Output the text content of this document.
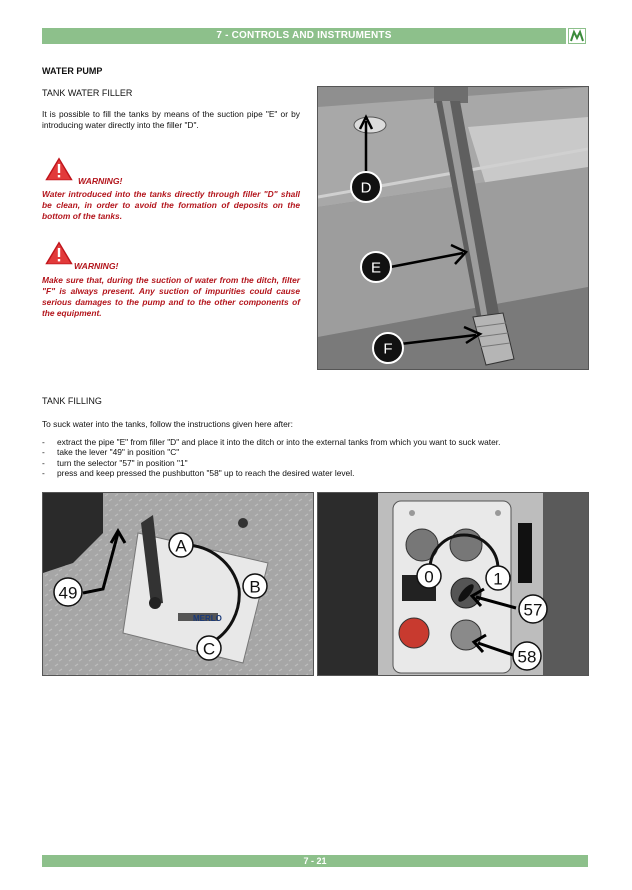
7 - CONTROLS AND INSTRUMENTS
WATER PUMP
TANK WATER FILLER
It is possible to fill the tanks by means of the suction pipe "E" or by introducing water directly into the filler "D".
WARNING!
Water introduced into the tanks directly through filler "D" shall be clean, in order to avoid the formation of deposits on the bottom of the tanks.
WARNING!
Make sure that, during the suction of water from the ditch, filter "F" is always present. Any suction of impurities could cause serious damages to the pump and to the other components of the equipment.
D
E
F
TANK FILLING
To suck water into the tanks, follow the instructions given here after:
- extract the pipe "E" from filler "D" and place it into the ditch or into the external tanks from which you want to suck water.
- take the lever "49" in position "C"
- turn the selector "57" in position "1"
- press and keep pressed the pushbutton "58" up to reach the desired water level.
MERLO
A
B
C
49
0	1
57
58
7 - 21
